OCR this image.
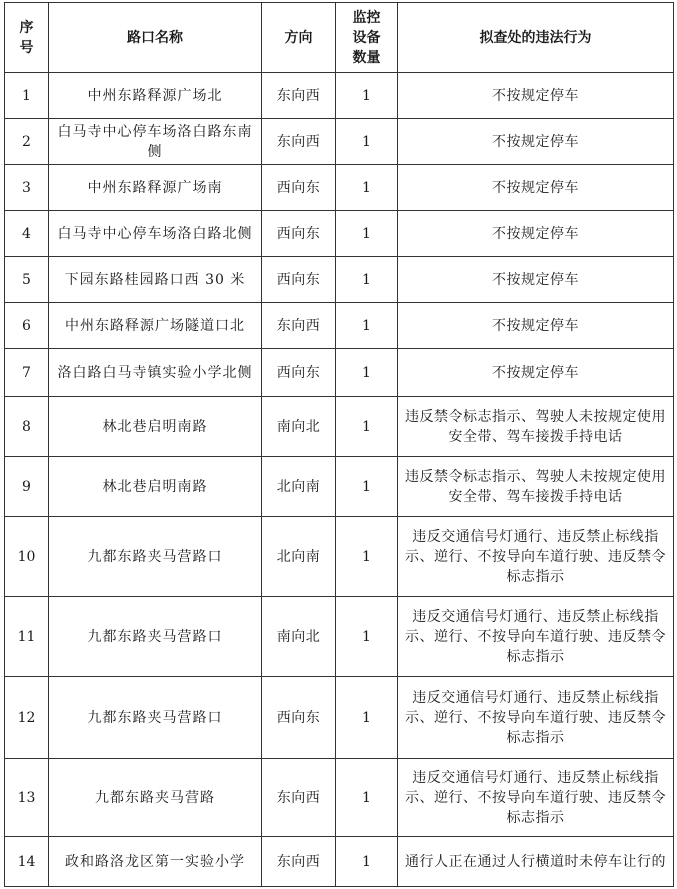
序号	路口名称	方向	监控设备数量	拟查处的违法行为
1	中州东路释源广场北	东向西	1	不按规定停车
2	白马寺中心停车场洛白路东南侧	东向西	1	不按规定停车
3	中州东路释源广场南	西向东	1	不按规定停车
4	白马寺中心停车场洛白路北侧	西向东	1	不按规定停车
5	下园东路桂园路口西 30 米	西向东	1	不按规定停车
6	中州东路释源广场隧道口北	东向西	1	不按规定停车
7	洛白路白马寺镇实验小学北侧	西向东	1	不按规定停车
8	林北巷启明南路	南向北	1	违反禁令标志指示、驾驶人未按规定使用安全带、驾车接拨手持电话
9	林北巷启明南路	北向南	1	违反禁令标志指示、驾驶人未按规定使用安全带、驾车接拨手持电话
10	九都东路夹马营路口	北向南	1	违反交通信号灯通行、违反禁止标线指示、逆行、不按导向车道行驶、违反禁令标志指示
11	九都东路夹马营路口	南向北	1	违反交通信号灯通行、违反禁止标线指示、逆行、不按导向车道行驶、违反禁令标志指示
12	九都东路夹马营路口	西向东	1	违反交通信号灯通行、违反禁止标线指示、逆行、不按导向车道行驶、违反禁令标志指示
13	九都东路夹马营路	东向西	1	违反交通信号灯通行、违反禁止标线指示、逆行、不按导向车道行驶、违反禁令标志指示
14	政和路洛龙区第一实验小学	东向西	1	通行人正在通过人行横道时未停车让行的
